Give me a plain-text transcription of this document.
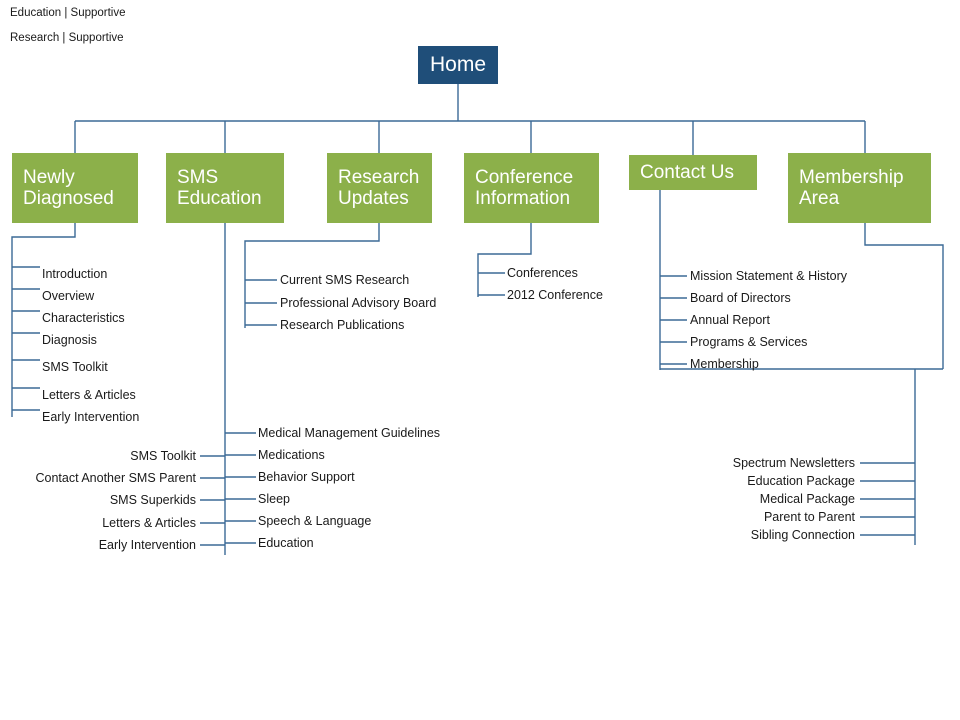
Education | Supportive
Research | Supportive
Home
Newly Diagnosed
SMS Education
Research Updates
Conference Information
Contact Us	Membership Area
Introduction
Overview
Characteristics
Diagnosis
SMS Toolkit
Letters & Articles
Early Intervention
Current SMS Research
Professional Advisory Board
Research Publications
Conferences
2012 Conference
Mission Statement & History
Board of Directors
Annual Report
Programs & Services
Membership
SMS Toolkit
Contact Another SMS Parent
SMS Superkids
Letters & Articles
Early Intervention
Medical Management Guidelines
Medications
Behavior Support
Sleep
Speech & Language
Education
Spectrum Newsletters
Education Package
Medical Package
Parent to Parent
Sibling Connection
